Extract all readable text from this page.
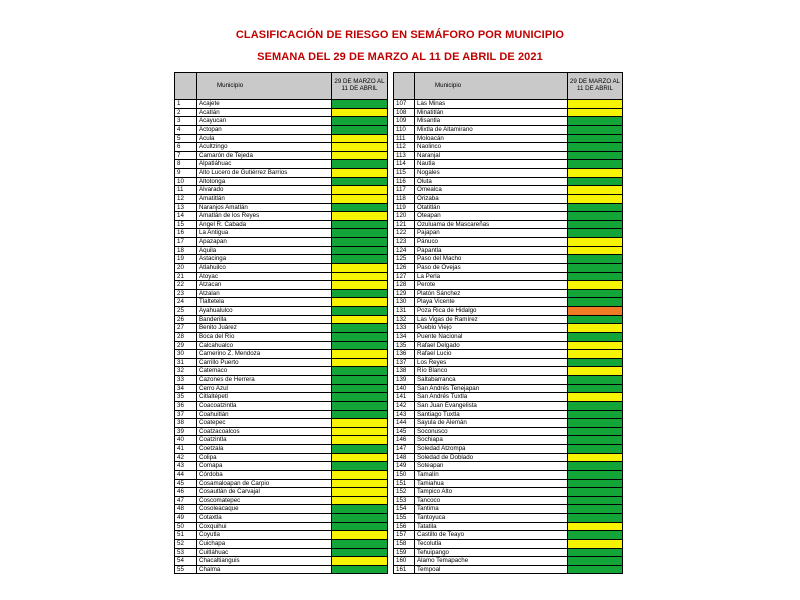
CLASIFICACIÓN DE RIESGO EN SEMÁFORO POR MUNICIPIO
SEMANA DEL 29 DE MARZO AL 11 DE ABRIL DE 2021
	Municipio	29 DE MARZO AL 11 DE ABRIL
1	Acajete	
2	Acatlán	
3	Acayucan	
4	Actopan	
5	Acula	
6	Acultzingo	
7	Camarón de Tejeda	
8	Alpatláhuac	
9	Alto Lucero de Gutiérrez Barrios	
10	Altotonga	
11	Alvarado	
12	Amatitlán	
13	Naranjos Amatlán	
14	Amatlán de los Reyes	
15	Angel R. Cabada	
16	La Antigua	
17	Apazapan	
18	Aquila	
19	Astacinga	
20	Atlahuilco	
21	Atoyac	
22	Atzacan	
23	Atzalan	
24	Tlaltetela	
25	Ayahualulco	
26	Banderilla	
27	Benito Juárez	
28	Boca del Río	
29	Calcahualco	
30	Camerino Z. Mendoza	
31	Carrillo Puerto	
32	Catemaco	
33	Cazones de Herrera	
34	Cerro Azul	
35	Citlaltépetl	
36	Coacoatzintla	
37	Coahuitlán	
38	Coatepec	
39	Coatzacoalcos	
40	Coatzintla	
41	Coetzala	
42	Colipa	
43	Comapa	
44	Córdoba	
45	Cosamaloapan de Carpio	
46	Cosautlán de Carvajal	
47	Coscomatepec	
48	Cosoleacaque	
49	Cotaxtla	
50	Coxquihui	
51	Coyutla	
52	Cuichapa	
53	Cuitláhuac	
54	Chacaltianguis	
55	Chalma	
	Municipio	29 DE MARZO AL 11 DE ABRIL
107	Las Minas	
108	Minatitlán	
109	Misantla	
110	Mixtla de Altamirano	
111	Moloacán	
112	Naolinco	
113	Naranjal	
114	Nautla	
115	Nogales	
116	Oluta	
117	Omealca	
118	Orizaba	
119	Otatitlán	
120	Oteapan	
121	Ozuluama de Mascareñas	
122	Pajapan	
123	Pánuco	
124	Papantla	
125	Paso del Macho	
126	Paso de Ovejas	
127	La Perla	
128	Perote	
129	Platón Sánchez	
130	Playa Vicente	
131	Poza Rica de Hidalgo	
132	Las Vigas de Ramírez	
133	Pueblo Viejo	
134	Puente Nacional	
135	Rafael Delgado	
136	Rafael Lucio	
137	Los Reyes	
138	Río Blanco	
139	Saltabarranca	
140	San Andrés Tenejapan	
141	San Andrés Tuxtla	
142	San Juan Evangelista	
143	Santiago Tuxtla	
144	Sayula de Alemán	
145	Soconusco	
146	Sochiapa	
147	Soledad Atzompa	
148	Soledad de Doblado	
149	Soteapan	
150	Tamalín	
151	Tamiahua	
152	Tampico Alto	
153	Tancoco	
154	Tantima	
155	Tantoyuca	
156	Tatatila	
157	Castillo de Teayo	
158	Tecolutla	
159	Tehuipango	
160	Álamo Temapache	
161	Tempoal	
